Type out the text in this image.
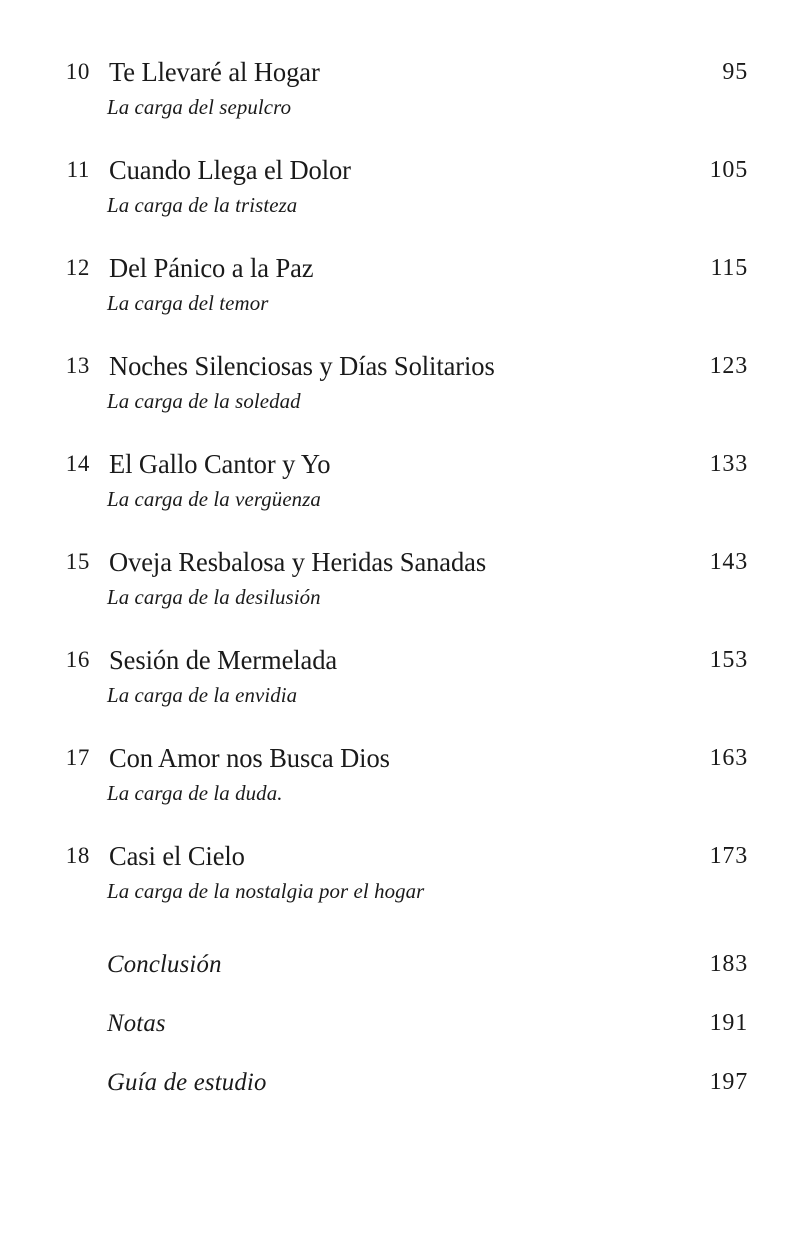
10 Te Llevaré al Hogar	95
La carga del sepulcro
11 Cuando Llega el Dolor	105
La carga de la tristeza
12 Del Pánico a la Paz	115
La carga del temor
13 Noches Silenciosas y Días Solitarios	123
La carga de la soledad
14 El Gallo Cantor y Yo	133
La carga de la vergüenza
15 Oveja Resbalosa y Heridas Sanadas	143
La carga de la desilusión
16 Sesión de Mermelada	153
La carga de la envidia
17 Con Amor nos Busca Dios	163
La carga de la duda.
18 Casi el Cielo	173
La carga de la nostalgia por el hogar
Conclusión	183
Notas	191
Guía de estudio	197
